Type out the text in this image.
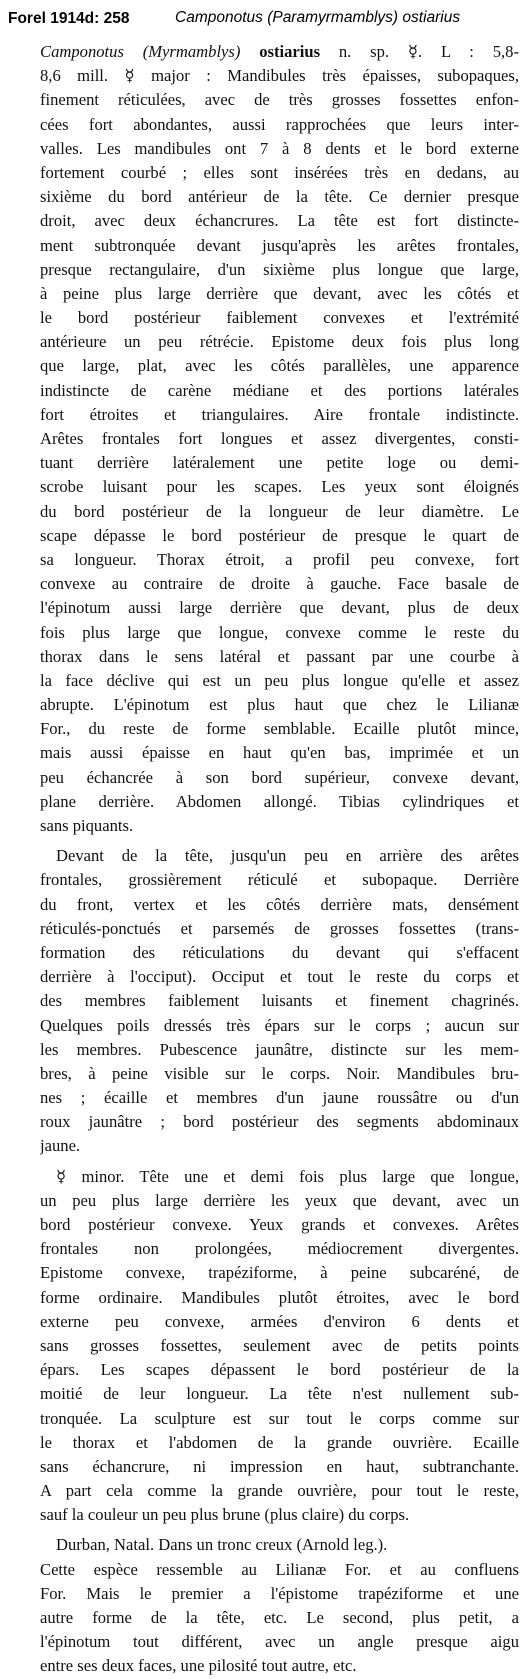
Forel 1914d: 258	Camponotus (Paramyrmamblys) ostiarius
Camponotus (Myrmamblys) ostiarius n. sp. ☿. L : 5,8-
8,6 mill. ☿ major : Mandibules très épaisses, subopaques,
finement réticulées, avec de très grosses fossettes enfon-
cées fort abondantes, aussi rapprochées que leurs inter-
valles. Les mandibules ont 7 à 8 dents et le bord externe
fortement courbé ; elles sont insérées très en dedans, au
sixième du bord antérieur de la tête. Ce dernier presque
droit, avec deux échancrures. La tête est fort distincte-
ment subtronquée devant jusqu'après les arêtes frontales,
presque rectangulaire, d'un sixième plus longue que large,
à peine plus large derrière que devant, avec les côtés et
le bord postérieur faiblement convexes et l'extrémité
antérieure un peu rétrécie. Epistome deux fois plus long
que large, plat, avec les côtés parallèles, une apparence
indistincte de carène médiane et des portions latérales
fort étroites et triangulaires. Aire frontale indistincte.
Arêtes frontales fort longues et assez divergentes, consti-
tuant derrière latéralement une petite loge ou demi-
scrobe luisant pour les scapes. Les yeux sont éloignés
du bord postérieur de la longueur de leur diamètre. Le
scape dépasse le bord postérieur de presque le quart de
sa longueur. Thorax étroit, a profil peu convexe, fort
convexe au contraire de droite à gauche. Face basale de
l'épinotum aussi large derrière que devant, plus de deux
fois plus large que longue, convexe comme le reste du
thorax dans le sens latéral et passant par une courbe à
la face déclive qui est un peu plus longue qu'elle et assez
abrupte. L'épinotum est plus haut que chez le Lilianæ
For., du reste de forme semblable. Ecaille plutôt mince,
mais aussi épaisse en haut qu'en bas, imprimée et un
peu échancrée à son bord supérieur, convexe devant,
plane derrière. Abdomen allongé. Tibias cylindriques et
sans piquants.
Devant de la tête, jusqu'un peu en arrière des arêtes
frontales, grossièrement réticulé et subopaque. Derrière
du front, vertex et les côtés derrière mats, densément
réticulés-ponctués et parsemés de grosses fossettes (trans-
formation des réticulations du devant qui s'effacent
derrière à l'occiput). Occiput et tout le reste du corps et
des membres faiblement luisants et finement chagrinés.
Quelques poils dressés très épars sur le corps ; aucun sur
les membres. Pubescence jaunâtre, distincte sur les mem-
bres, à peine visible sur le corps. Noir. Mandibules bru-
nes ; écaille et membres d'un jaune roussâtre ou d'un
roux jaunâtre ; bord postérieur des segments abdominaux
jaune.
☿ minor. Tête une et demi fois plus large que longue,
un peu plus large derrière les yeux que devant, avec un
bord postérieur convexe. Yeux grands et convexes. Arêtes
frontales non prolongées, médiocrement divergentes.
Epistome convexe, trapéziforme, à peine subcaréné, de
forme ordinaire. Mandibules plutôt étroites, avec le bord
externe peu convexe, armées d'environ 6 dents et
sans grosses fossettes, seulement avec de petits points
épars. Les scapes dépassent le bord postérieur de la
moitié de leur longueur. La tête n'est nullement sub-
tronquée. La sculpture est sur tout le corps comme sur
le thorax et l'abdomen de la grande ouvrière. Ecaille
sans échancrure, ni impression en haut, subtranchante.
A part cela comme la grande ouvrière, pour tout le reste,
sauf la couleur un peu plus brune (plus claire) du corps.
Durban, Natal. Dans un tronc creux (Arnold leg.).
Cette espèce ressemble au Lilianæ For. et au confluens
For. Mais le premier a l'épistome trapéziforme et une
autre forme de la tête, etc. Le second, plus petit, a
l'épinotum tout différent, avec un angle presque aigu
entre ses deux faces, une pilosité tout autre, etc.
